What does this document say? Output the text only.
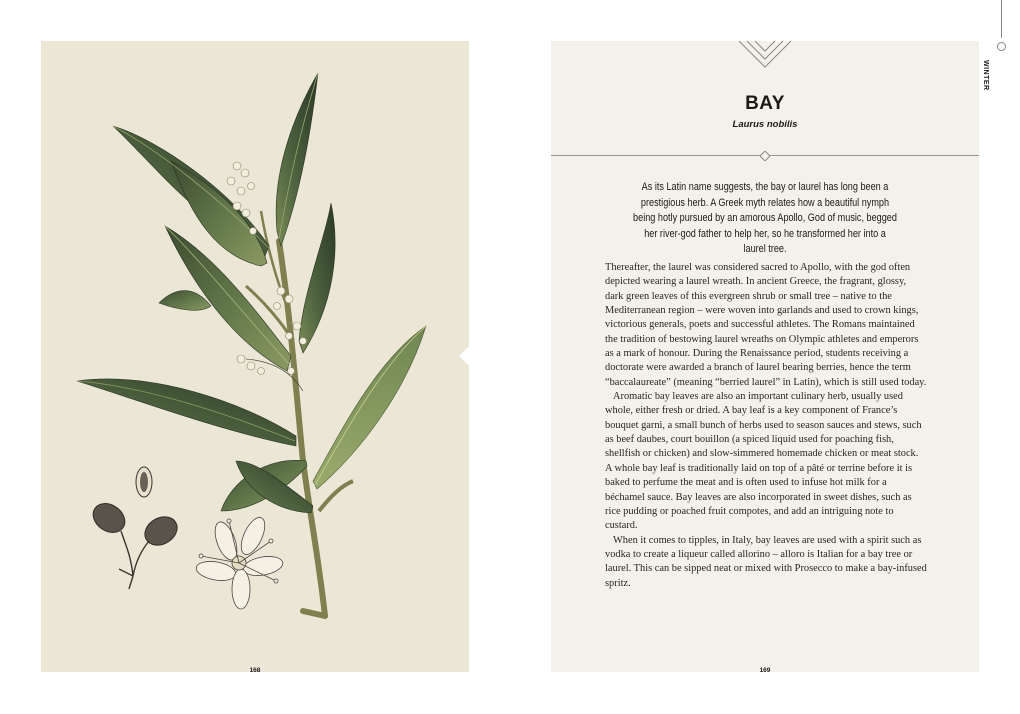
BAY
Laurus nobilis
As its Latin name suggests, the bay or laurel has long been a prestigious herb. A Greek myth relates how a beautiful nymph being hotly pursued by an amorous Apollo, God of music, begged her river-god father to help her, so he transformed her into a laurel tree.

Thereafter, the laurel was considered sacred to Apollo, with the god often depicted wearing a laurel wreath. In ancient Greece, the fragrant, glossy, dark green leaves of this evergreen shrub or small tree – native to the Mediterranean region – were woven into garlands and used to crown kings, victorious generals, poets and successful athletes. The Romans maintained the tradition of bestowing laurel wreaths on Olympic athletes and emperors as a mark of honour. During the Renaissance period, students receiving a doctorate were awarded a branch of laurel bearing berries, hence the term “baccalaureate” (meaning “berried laurel” in Latin), which is still used today.

Aromatic bay leaves are also an important culinary herb, usually used whole, either fresh or dried. A bay leaf is a key component of France’s bouquet garni, a small bunch of herbs used to season sauces and stews, such as beef daubes, court bouillon (a spiced liquid used for poaching fish, shellfish or chicken) and slow-simmered homemade chicken or meat stock. A whole bay leaf is traditionally laid on top of a pâté or terrine before it is baked to perfume the meat and is often used to infuse hot milk for a béchamel sauce. Bay leaves are also incorporated in sweet dishes, such as rice pudding or poached fruit compotes, and add an intriguing note to custard.

When it comes to tipples, in Italy, bay leaves are used with a spirit such as vodka to create a liqueur called allorino – alloro is Italian for a bay tree or laurel. This can be sipped neat or mixed with Prosecco to make a bay-infused spritz.

WINTER
168	169
